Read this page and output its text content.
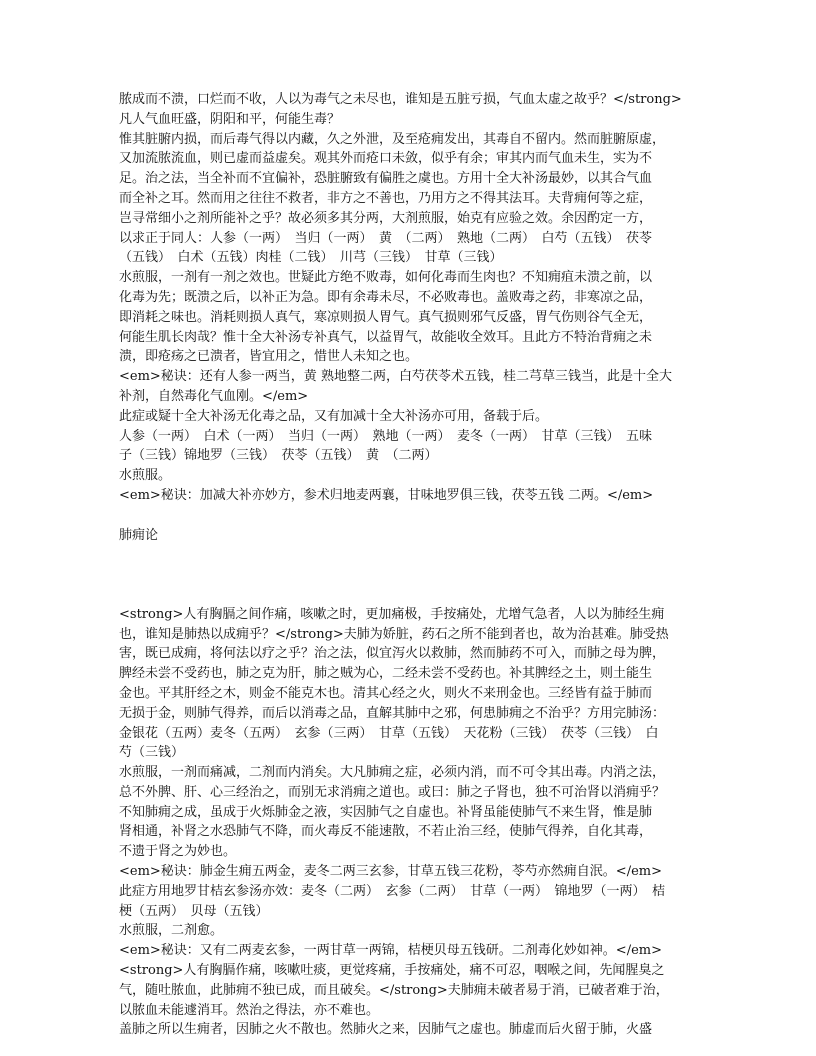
脓成而不溃，口烂而不收，人以为毒气之未尽也，谁知是五脏亏损，气血太虚之故乎？</strong>
凡人气血旺盛，阴阳和平，何能生毒？
惟其脏腑内损，而后毒气得以内藏，久之外泄，及至疮痈发出，其毒自不留内。然而脏腑原虚，
又加流脓流血，则已虚而益虚矣。观其外而疮口未敛，似乎有余；审其内而气血未生，实为不
足。治之法，当全补而不宜偏补，恐脏腑致有偏胜之虞也。方用十全大补汤最妙，以其合气血
而全补之耳。然而用之往往不救者，非方之不善也，乃用方之不得其法耳。夫背痈何等之症，
岂寻常细小之剂所能补之乎？故必须多其分两，大剂煎服，始克有应验之效。余因酌定一方，
以求正于同人：人参（一两）　当归（一两）　黄　（二两）　熟地（二两）　白芍（五钱）　茯苓
（五钱）　白术（五钱）肉桂（二钱）　川芎（三钱）　甘草（三钱）
水煎服，一剂有一剂之效也。世疑此方绝不败毒，如何化毒而生肉也？不知痈疽未溃之前，以
化毒为先；既溃之后，以补正为急。即有余毒未尽，不必败毒也。盖败毒之药，非寒凉之品，
即消耗之味也。消耗则损人真气，寒凉则损人胃气。真气损则邪气反盛，胃气伤则谷气全无，
何能生肌长肉哉？惟十全大补汤专补真气，以益胃气，故能收全效耳。且此方不特治背痈之未
溃，即疮疡之已溃者，皆宜用之，惜世人未知之也。
<em>秘诀：还有人参一两当，黄 熟地整二两，白芍茯苓术五钱，桂二芎草三钱当，此是十全大
补剂，自然毒化气血刚。</em>
此症或疑十全大补汤无化毒之品，又有加减十全大补汤亦可用，备载于后。
人参（一两）　白术（一两）　当归（一两）　熟地（一两）　麦冬（一两）　甘草（三钱）　五味
子（三钱）锦地罗（三钱）　茯苓（五钱）　黄　（二两）
水煎服。
<em>秘诀：加减大补亦妙方，参术归地麦两襄，甘味地罗俱三钱，茯苓五钱 二两。</em>
肺痈论
<strong>人有胸膈之间作痛，咳嗽之时，更加痛极，手按痛处，尤增气急者，人以为肺经生痈
也，谁知是肺热以成痈乎？</strong>夫肺为娇脏，药石之所不能到者也，故为治甚难。肺受热
害，既已成痈，将何法以疗之乎？治之法，似宜泻火以救肺，然而肺药不可入，而肺之母为脾，
脾经未尝不受药也，肺之克为肝，肺之贼为心，二经未尝不受药也。补其脾经之土，则土能生
金也。平其肝经之木，则金不能克木也。清其心经之火，则火不来刑金也。三经皆有益于肺而
无损于金，则肺气得养，而后以消毒之品，直解其肺中之邪，何患肺痈之不治乎？方用完肺汤：
金银花（五两）麦冬（五两）　玄参（三两）　甘草（五钱）　天花粉（三钱）　茯苓（三钱）　白
芍（三钱）
水煎服，一剂而痛减，二剂而内消矣。大凡肺痈之症，必须内消，而不可令其出毒。内消之法，
总不外脾、肝、心三经治之，而别无求消痈之道也。或曰：肺之子肾也，独不可治肾以消痈乎？
不知肺痈之成，虽成于火烁肺金之液，实因肺气之自虚也。补肾虽能使肺气不来生肾，惟是肺
肾相通，补肾之水恐肺气不降，而火毒反不能速散，不若止治三经，使肺气得养，自化其毒，
不遗于肾之为妙也。
<em>秘诀：肺金生痈五两金，麦冬二两三玄参，甘草五钱三花粉，苓芍亦然痈自泯。</em>
此症方用地罗甘桔玄参汤亦效：麦冬（二两）　玄参（二两）　甘草（一两）　锦地罗（一两）　桔
梗（五两）　贝母（五钱）
水煎服，二剂愈。
<em>秘诀：又有二两麦玄参，一两甘草一两锦，桔梗贝母五钱研。二剂毒化妙如神。</em>
<strong>人有胸膈作痛，咳嗽吐痰，更觉疼痛，手按痛处，痛不可忍，咽喉之间，先闻腥臭之
气，随吐脓血，此肺痈不独已成，而且破矣。</strong>夫肺痈未破者易于消，已破者难于治，
以脓血未能遽消耳。然治之得法，亦不难也。
盖肺之所以生痈者，因肺之火不散也。然肺火之来，因肺气之虚也。肺虚而后火留于肺，火盛
